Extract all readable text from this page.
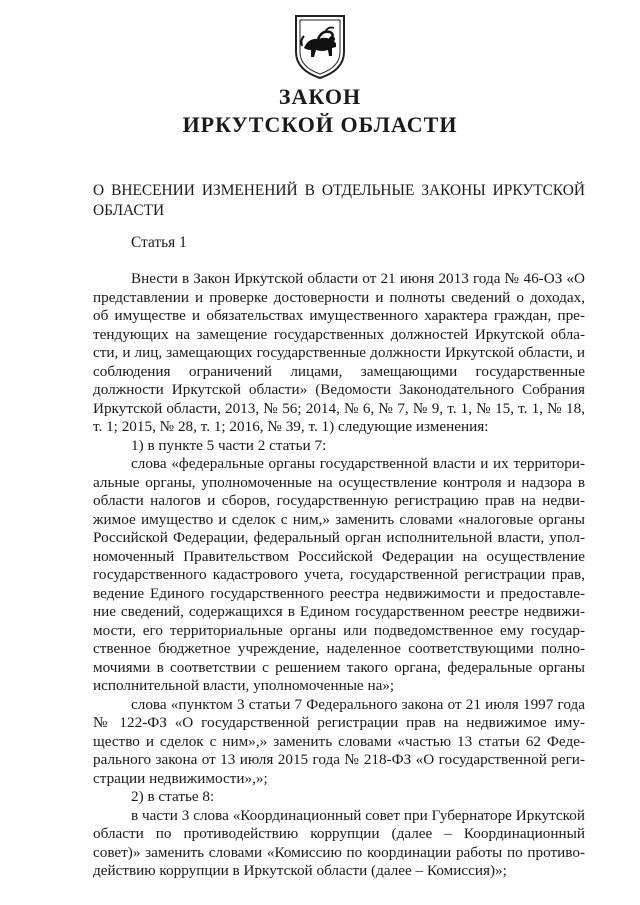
ЗАКОН
ИРКУТСКОЙ ОБЛАСТИ

О ВНЕСЕНИИ ИЗМЕНЕНИЙ В ОТДЕЛЬНЫЕ ЗАКОНЫ ИРКУТСКОЙ ОБЛАСТИ

Статья 1

Внести в Закон Иркутской области от 21 июня 2013 года № 46-ОЗ «О представлении и проверке достоверности и полноты сведений о доходах, об имуществе и обязательствах имущественного характера граждан, претендующих на замещение государственных должностей Иркутской области, и лиц, замещающих государственные должности Иркутской области, и соблюдения ограничений лицами, замещающими государственные должности Иркутской области» (Ведомости Законодательного Собрания Иркутской области, 2013, № 56; 2014, № 6, № 7, № 9, т. 1, № 15, т. 1, № 18, т. 1; 2015, № 28, т. 1; 2016, № 39, т. 1) следующие изменения:

1) в пункте 5 части 2 статьи 7:

слова «федеральные органы государственной власти и их территориальные органы, уполномоченные на осуществление контроля и надзора в области налогов и сборов, государственную регистрацию прав на недвижимое имущество и сделок с ним,» заменить словами «налоговые органы Российской Федерации, федеральный орган исполнительной власти, уполномоченный Правительством Российской Федерации на осуществление государственного кадастрового учета, государственной регистрации прав, ведение Единого государственного реестра недвижимости и предоставление сведений, содержащихся в Едином государственном реестре недвижимости, его территориальные органы или подведомственное ему государственное бюджетное учреждение, наделенное соответствующими полномочиями в соответствии с решением такого органа, федеральные органы исполнительной власти, уполномоченные на»;

слова «пунктом 3 статьи 7 Федерального закона от 21 июля 1997 года № 122-ФЗ «О государственной регистрации прав на недвижимое имущество и сделок с ним»,» заменить словами «частью 13 статьи 62 Федерального закона от 13 июля 2015 года № 218-ФЗ «О государственной регистрации недвижимости»,»;

2) в статье 8:

в части 3 слова «Координационный совет при Губернаторе Иркутской области по противодействию коррупции (далее – Координационный совет)» заменить словами «Комиссию по координации работы по противодействию коррупции в Иркутской области (далее – Комиссия)»;
